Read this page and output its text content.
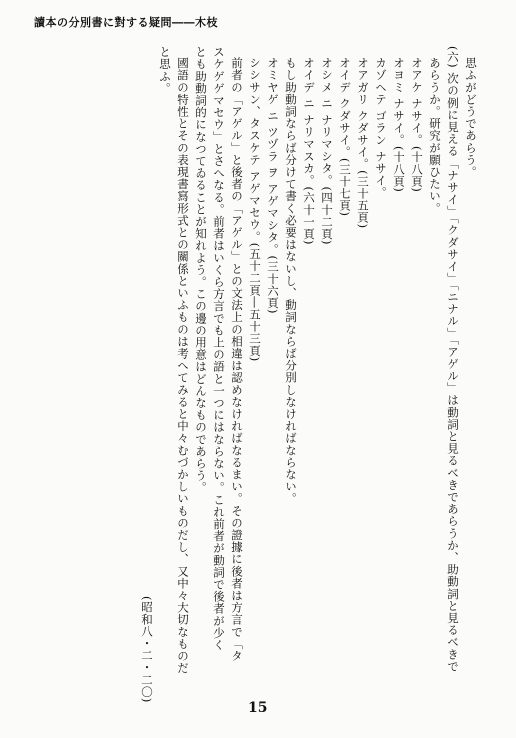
讀本の分別書に對する疑問――木枝
思ふがどうであらう。
(六) 次の例に見える「ナサイ」「クダサイ」「ニナル」「アゲル」は動詞と見るべきであらうか、助動詞と見るべきで
あらうか。研究が願ひたい。
オアケ ナサイ。(十八頁)
オヨミ ナサイ。(十八頁)
カゾヘテ ゴラン ナサイ。
オアガリ クダサイ。(三十五頁)
オイデ クダサイ。(三十七頁)
オシメ ニ ナリマシタ。(四十二頁)
オイデ ニ ナリマスカ。(六十一頁)
もし助動詞ならば分けて書く必要はないし、動詞ならば分別しなければならない。
オミヤゲ ニ ツヅラ ヲ アゲマシタ。(三十六頁)
シシサン、タスケテ アゲマセウ。(五十二頁―五十三頁)
前者の「アゲル」と後者の「アゲル」との文法上の相違は認めなければなるまい。その證據に後者は方言で「タ
スケゲゲマセウ」とさへなる。前者はいくら方言でも上の語と一つにはならない。これ前者が動詞で後者が少く
とも助動詞的になつてゐることが知れよう。この邊の用意はどんなものであらう。
國語の特性とその表現書寫形式との關係といふものは考へてみると中々むづかしいものだし、又中々大切なものだ
と思ふ。
(昭和八・二・二〇)
15
